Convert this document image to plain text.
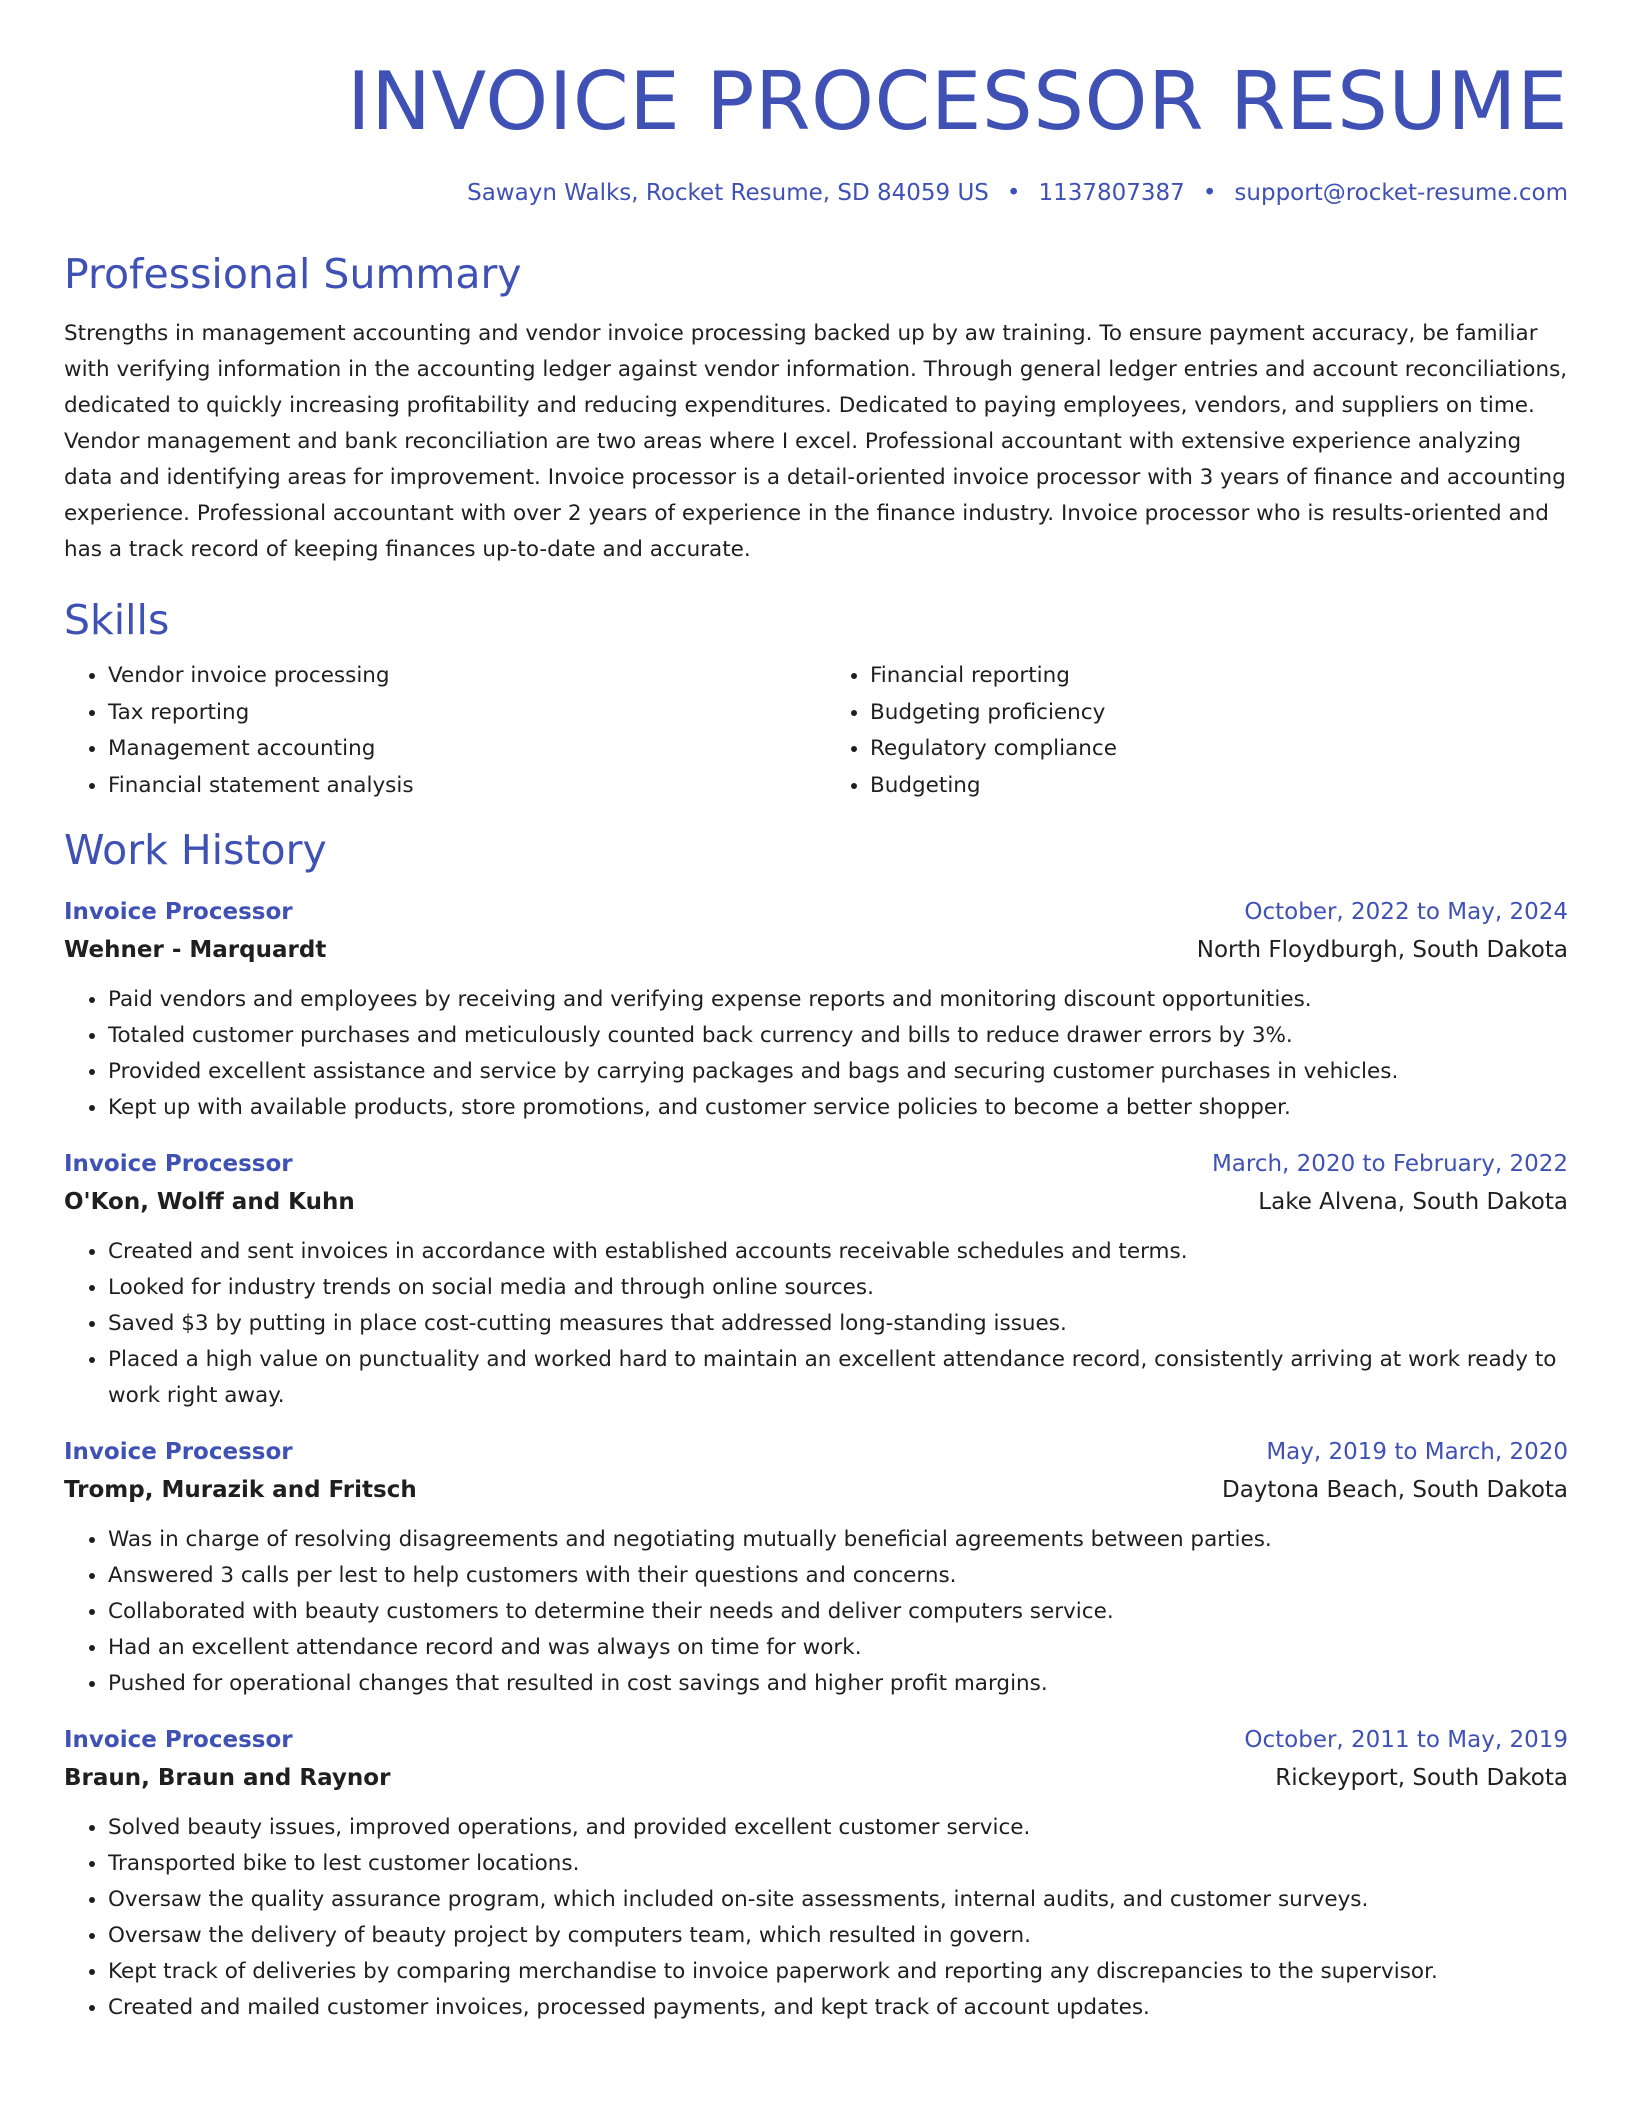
INVOICE PROCESSOR RESUME
Sawayn Walks, Rocket Resume, SD 84059 US • 1137807387 • support@rocket-resume.com
Professional Summary

Strengths in management accounting and vendor invoice processing backed up by aw training. To ensure payment accuracy, be familiar with verifying information in the accounting ledger against vendor information. Through general ledger entries and account reconciliations, dedicated to quickly increasing profitability and reducing expenditures. Dedicated to paying employees, vendors, and suppliers on time. Vendor management and bank reconciliation are two areas where I excel. Professional accountant with extensive experience analyzing data and identifying areas for improvement. Invoice processor is a detail-oriented invoice processor with 3 years of finance and accounting experience. Professional accountant with over 2 years of experience in the finance industry. Invoice processor who is results-oriented and has a track record of keeping finances up-to-date and accurate.

Skills
• Vendor invoice processing
• Tax reporting
• Management accounting
• Financial statement analysis
• Financial reporting
• Budgeting proficiency
• Regulatory compliance
• Budgeting
Work History
Invoice Processor	October, 2022 to May, 2024
Wehner - Marquardt	North Floydburgh, South Dakota
• Paid vendors and employees by receiving and verifying expense reports and monitoring discount opportunities.
• Totaled customer purchases and meticulously counted back currency and bills to reduce drawer errors by 3%.
• Provided excellent assistance and service by carrying packages and bags and securing customer purchases in vehicles.
• Kept up with available products, store promotions, and customer service policies to become a better shopper.
Invoice Processor	March, 2020 to February, 2022
O'Kon, Wolff and Kuhn	Lake Alvena, South Dakota
• Created and sent invoices in accordance with established accounts receivable schedules and terms.
• Looked for industry trends on social media and through online sources.
• Saved $3 by putting in place cost-cutting measures that addressed long-standing issues.
• Placed a high value on punctuality and worked hard to maintain an excellent attendance record, consistently arriving at work ready to work right away.
Invoice Processor	May, 2019 to March, 2020
Tromp, Murazik and Fritsch	Daytona Beach, South Dakota
• Was in charge of resolving disagreements and negotiating mutually beneficial agreements between parties.
• Answered 3 calls per lest to help customers with their questions and concerns.
• Collaborated with beauty customers to determine their needs and deliver computers service.
• Had an excellent attendance record and was always on time for work.
• Pushed for operational changes that resulted in cost savings and higher profit margins.
Invoice Processor	October, 2011 to May, 2019
Braun, Braun and Raynor	Rickeyport, South Dakota
• Solved beauty issues, improved operations, and provided excellent customer service.
• Transported bike to lest customer locations.
• Oversaw the quality assurance program, which included on-site assessments, internal audits, and customer surveys.
• Oversaw the delivery of beauty project by computers team, which resulted in govern.
• Kept track of deliveries by comparing merchandise to invoice paperwork and reporting any discrepancies to the supervisor.
• Created and mailed customer invoices, processed payments, and kept track of account updates.
